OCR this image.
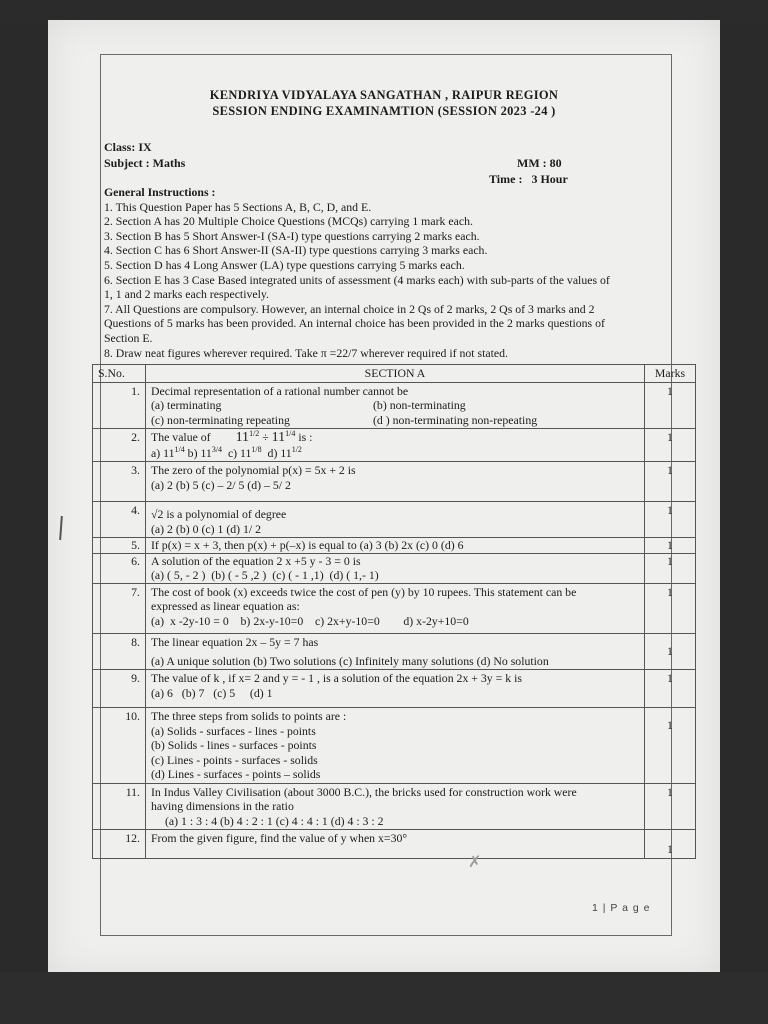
KENDRIYA VIDYALAYA SANGATHAN , RAIPUR REGION
SESSION ENDING EXAMINAMTION (SESSION 2023 -24 )
Class: IX
Subject : Maths	MM : 80
Time :   3 Hour
General Instructions :
1. This Question Paper has 5 Sections A, B, C, D, and E.
2. Section A has 20 Multiple Choice Questions (MCQs) carrying 1 mark each.
3. Section B has 5 Short Answer-I (SA-I) type questions carrying 2 marks each.
4. Section C has 6 Short Answer-II (SA-II) type questions carrying 3 marks each.
5. Section D has 4 Long Answer (LA) type questions carrying 5 marks each.
6. Section E has 3 Case Based integrated units of assessment (4 marks each) with sub-parts of the values of
1, 1 and 2 marks each respectively.
7. All Questions are compulsory. However, an internal choice in 2 Qs of 2 marks, 2 Qs of 3 marks and 2
Questions of 5 marks has been provided. An internal choice has been provided in the 2 marks questions of
Section E.
8. Draw neat figures wherever required. Take π =22/7 wherever required if not stated.
S.No.	SECTION A	Marks
1.	Decimal representation of a rational number cannot be
(a) terminating (b) non-terminating
(c) non-terminating repeating (d ) non-terminating non-repeating	1
2.	The value of $11^{1/2} \div 11^{1/4}$ is :
a) $11^{1/4}$ b) $11^{3/4}$  c) $11^{1/8}$  d) $11^{1/2}$	1
3.	The zero of the polynomial p(x) = 5x + 2 is
(a) 2 (b) 5 (c) – 2/ 5 (d) – 5/ 2	1
4.	√2 is a polynomial of degree
(a) 2 (b) 0 (c) 1 (d) 1/ 2	1
5.	If p(x) = x + 3, then p(x) + p(–x) is equal to (a) 3 (b) 2x (c) 0 (d) 6	1
6.	A solution of the equation 2 x +5 y - 3 = 0 is
(a) ( 5, - 2 )  (b) ( - 5 ,2 )  (c) ( - 1 ,1)  (d) ( 1,- 1)	1
7.	The cost of book (x) exceeds twice the cost of pen (y) by 10 rupees. This statement can be
expressed as linear equation as:
(a)  x -2y-10 = 0    b) 2x-y-10=0    c) 2x+y-10=0        d) x-2y+10=0	1
8.	The linear equation 2x – 5y = 7 has
(a) A unique solution (b) Two solutions (c) Infinitely many solutions (d) No solution	1
9.	The value of k , if x= 2 and y = - 1 , is a solution of the equation 2x + 3y = k is
(a) 6   (b) 7   (c) 5     (d) 1	1
10.	The three steps from solids to points are :
(a) Solids - surfaces - lines - points
(b) Solids - lines - surfaces - points
(c) Lines - points - surfaces - solids
(d) Lines - surfaces - points – solids	1
11.	In Indus Valley Civilisation (about 3000 B.C.), the bricks used for construction work were
having dimensions in the ratio
(a) 1 : 3 : 4 (b) 4 : 2 : 1 (c) 4 : 4 : 1 (d) 4 : 3 : 2	1
12.	From the given figure, find the value of y when x=30°	1
✗
1 | P a g e
